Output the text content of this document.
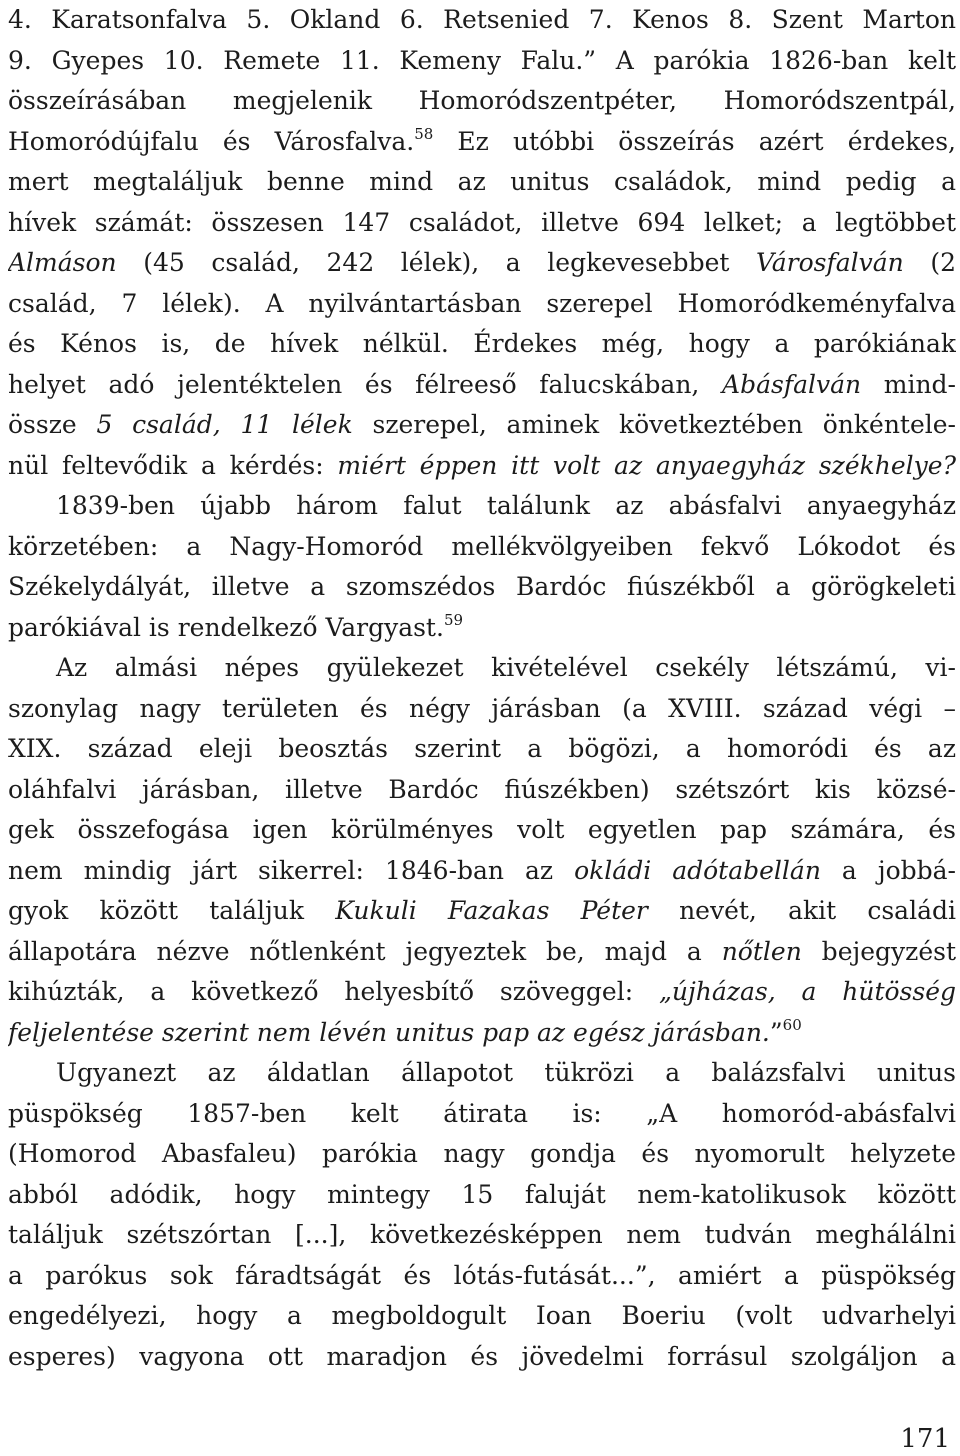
4. Karatsonfalva 5. Okland 6. Retsenied 7. Kenos 8. Szent Marton
9. Gyepes 10. Remete 11. Kemeny Falu.” A parókia 1826-ban kelt
összeírásában megjelenik Homoródszentpéter, Homoródszentpál,
Homoródújfalu és Városfalva.$^{58}$ Ez utóbbi összeírás azért érdekes,
mert megtaláljuk benne mind az unitus családok, mind pedig a
hívek számát: összesen 147 családot, illetve 694 lelket; a legtöbbet
Almáson (45 család, 242 lélek), a legkevesebbet Városfalván (2
család, 7 lélek). A nyilvántartásban szerepel Homoródkeményfalva
és Kénos is, de hívek nélkül. Érdekes még, hogy a parókiának
helyet adó jelentéktelen és félreeső falucskában, Abásfalván mind-
össze 5 család, 11 lélek szerepel, aminek következtében önkéntele-
nül feltevődik a kérdés: miért éppen itt volt az anyaegyház székhelye?
1839-ben újabb három falut találunk az abásfalvi anyaegyház
körzetében: a Nagy-Homoród mellékvölgyeiben fekvő Lókodot és
Székelydályát, illetve a szomszédos Bardóc fiúszékből a görögkeleti
parókiával is rendelkező Vargyast.$^{59}$
Az almási népes gyülekezet kivételével csekély létszámú, vi-
szonylag nagy területen és négy járásban (a XVIII. század végi –
XIX. század eleji beosztás szerint a bögözi, a homoródi és az
oláhfalvi járásban, illetve Bardóc fiúszékben) szétszórt kis közsé-
gek összefogása igen körülményes volt egyetlen pap számára, és
nem mindig járt sikerrel: 1846-ban az okládi adótabellán a jobbá-
gyok között találjuk Kukuli Fazakas Péter nevét, akit családi
állapotára nézve nőtlenként jegyeztek be, majd a nőtlen bejegyzést
kihúzták, a következő helyesbítő szöveggel: „újházas, a hütösség
feljelentése szerint nem lévén unitus pap az egész járásban.”$^{60}$
Ugyanezt az áldatlan állapotot tükrözi a balázsfalvi unitus
püspökség 1857-ben kelt átirata is: „A homoród-abásfalvi
(Homorod Abasfaleu) parókia nagy gondja és nyomorult helyzete
abból adódik, hogy mintegy 15 faluját nem-katolikusok között
találjuk szétszórtan [...], következésképpen nem tudván meghálálni
a parókus sok fáradtságát és lótás-futását...”, amiért a püspökség
engedélyezi, hogy a megboldogult Ioan Boeriu (volt udvarhelyi
esperes) vagyona ott maradjon és jövedelmi forrásul szolgáljon a
171
